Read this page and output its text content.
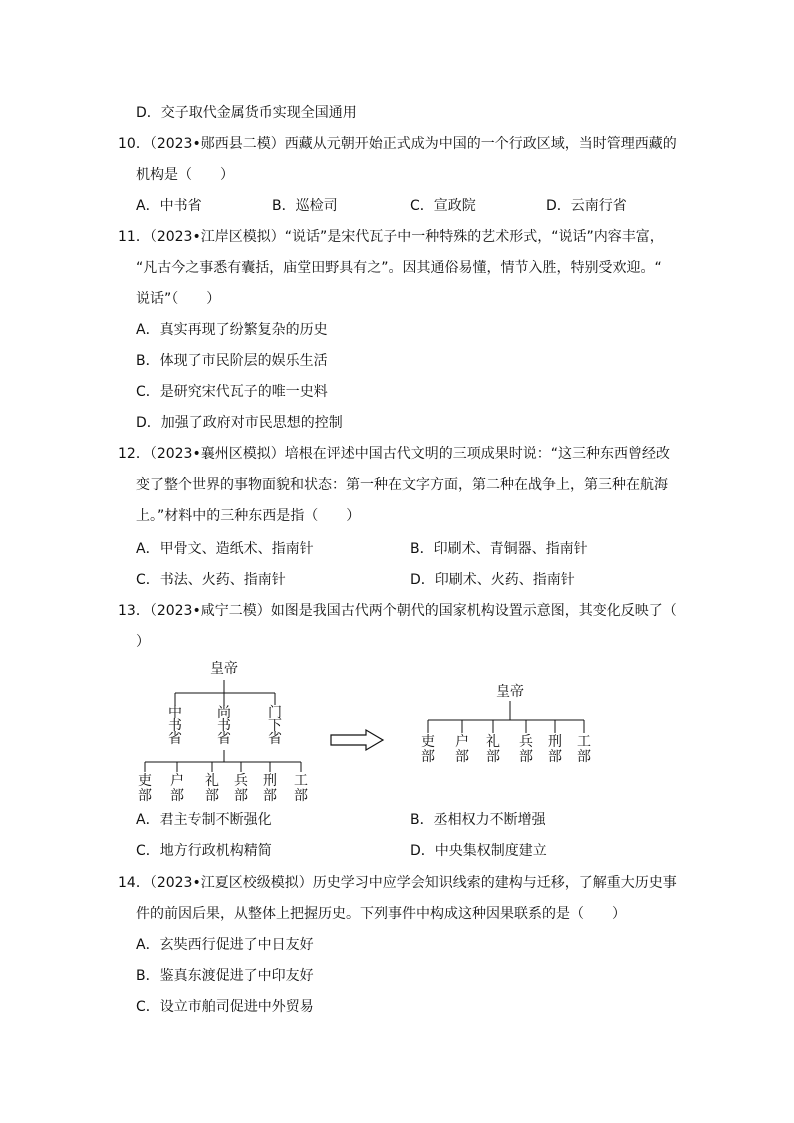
D．交子取代金属货币实现全国通用
10．（2023•郧西县二模）西藏从元朝开始正式成为中国的一个行政区域，当时管理西藏的
机构是（　　）
A．中书省	B．巡检司	C．宣政院	D．云南行省
11．（2023•江岸区模拟）“说话”是宋代瓦子中一种特殊的艺术形式，“说话”内容丰富，
“凡古今之事悉有囊括，庙堂田野具有之”。因其通俗易懂，情节入胜，特别受欢迎。“
说话”（　　）
A．真实再现了纷繁复杂的历史
B．体现了市民阶层的娱乐生活
C．是研究宋代瓦子的唯一史料
D．加强了政府对市民思想的控制
12．（2023•襄州区模拟）培根在评述中国古代文明的三项成果时说：“这三种东西曾经改
变了整个世界的事物面貌和状态：第一种在文字方面，第二种在战争上，第三种在航海
上。”材料中的三种东西是指（　　）
A．甲骨文、造纸术、指南针	B．印刷术、青铜器、指南针
C．书法、火药、指南针	D．印刷术、火药、指南针
13．（2023•咸宁二模）如图是我国古代两个朝代的国家机构设置示意图，其变化反映了（
）
皇帝
中书省
尚书省
门下省
吏部
户部
礼部
兵部
刑部
工部
皇帝
吏部
户部
礼部
兵部
刑部
工部
A．君主专制不断强化	B．丞相权力不断增强
C．地方行政机构精简	D．中央集权制度建立
14．（2023•江夏区校级模拟）历史学习中应学会知识线索的建构与迁移，了解重大历史事
件的前因后果，从整体上把握历史。下列事件中构成这种因果联系的是（　　）
A．玄奘西行促进了中日友好
B．鉴真东渡促进了中印友好
C．设立市舶司促进中外贸易
